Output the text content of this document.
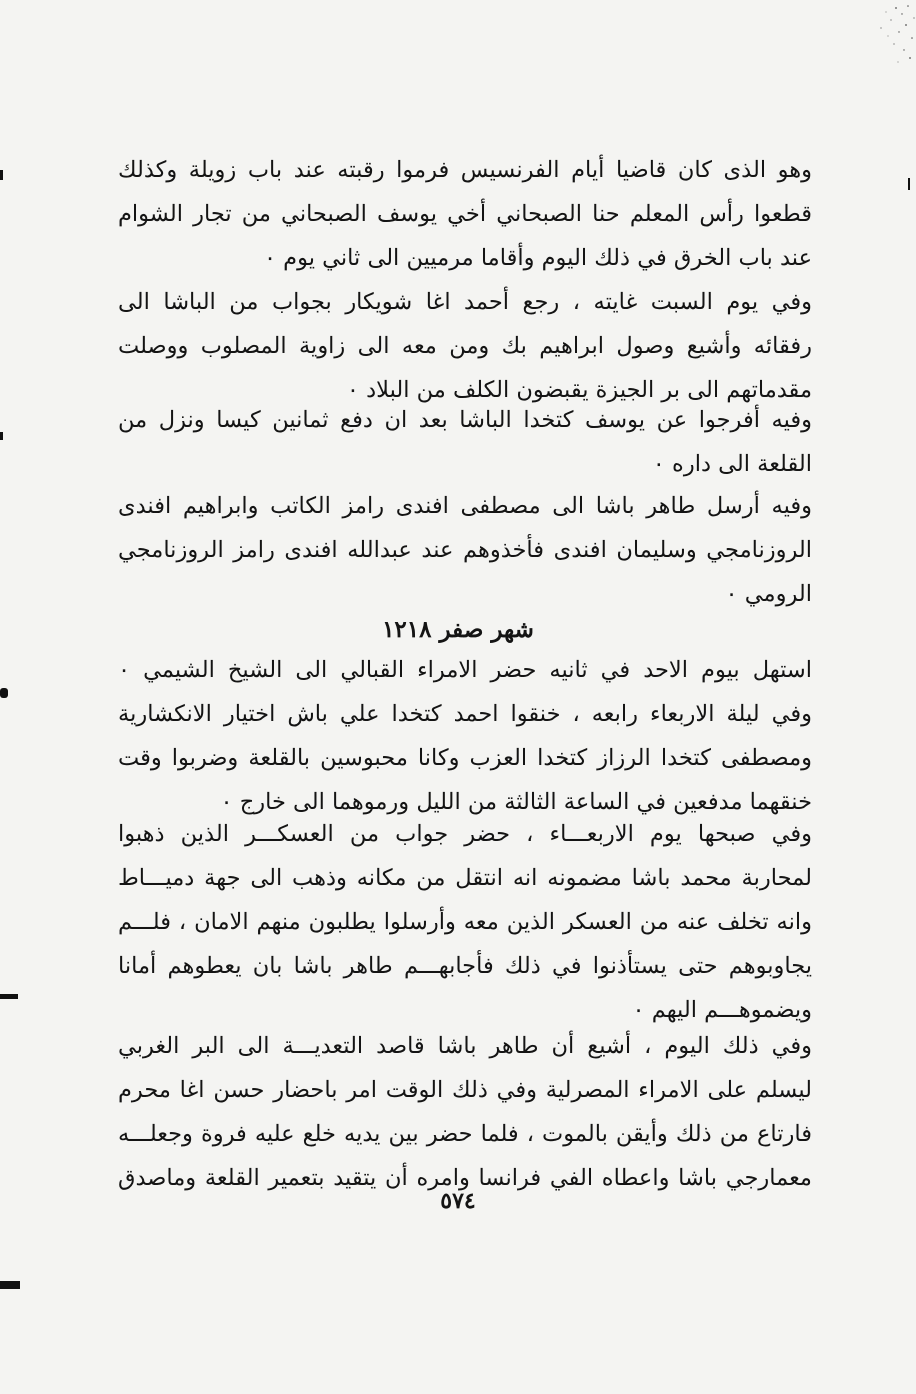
وهو الذى كان قاضيا أيام الفرنسيس فرموا رقبته عند باب زويلة وكذلك
قطعوا رأس المعلم حنا الصبحاني أخي يوسف الصبحاني من تجار الشوام
عند باب الخرق في ذلك اليوم وأقاما مرميين الى ثاني يوم ٠
وفي يوم السبت غايته ، رجع أحمد اغا شويكار بجواب من الباشا الى
رفقائه وأشيع وصول ابراهيم بك ومن معه الى زاوية المصلوب ووصلت
مقدماتهم الى بر الجيزة يقبضون الكلف من البلاد ٠
وفيه أفرجوا عن يوسف كتخدا الباشا بعد ان دفع ثمانين كيسا ونزل من
القلعة الى داره ٠
وفيه أرسل طاهر باشا الى مصطفى افندى رامز الكاتب وابراهيم افندى
الروزنامجي وسليمان افندى فأخذوهم عند عبدالله افندى رامز الروزنامجي
الرومي ٠
شهر صفر ١٢١٨
استهل بيوم الاحد في ثانيه حضر الامراء القبالي الى الشيخ الشيمي ٠
وفي ليلة الاربعاء رابعه ، خنقوا احمد كتخدا علي باش اختيار الانكشارية
ومصطفى كتخدا الرزاز كتخدا العزب وكانا محبوسين بالقلعة وضربوا وقت
خنقهما مدفعين في الساعة الثالثة من الليل ورموهما الى خارج ٠
وفي صبحها يوم الاربعـــاء ، حضر جواب من العسكـــر الذين ذهبوا
لمحاربة محمد باشا مضمونه انه انتقل من مكانه وذهب الى جهة دميـــاط
وانه تخلف عنه من العسكر الذين معه وأرسلوا يطلبون منهم الامان ، فلـــم
يجاوبوهم حتى يستأذنوا في ذلك فأجابهـــم طاهر باشا بان يعطوهم أمانا
ويضموهـــم اليهم ٠
وفي ذلك اليوم ، أشيع أن طاهر باشا قاصد التعديـــة الى البر الغربي
ليسلم على الامراء المصرلية وفي ذلك الوقت امر باحضار حسن اغا محرم
فارتاع من ذلك وأيقن بالموت ، فلما حضر بين يديه خلع عليه فروة وجعلـــه
معمارجي باشا واعطاه الفي فرانسا وامره أن يتقيد بتعمير القلعة وماصدق
٥٧٤
